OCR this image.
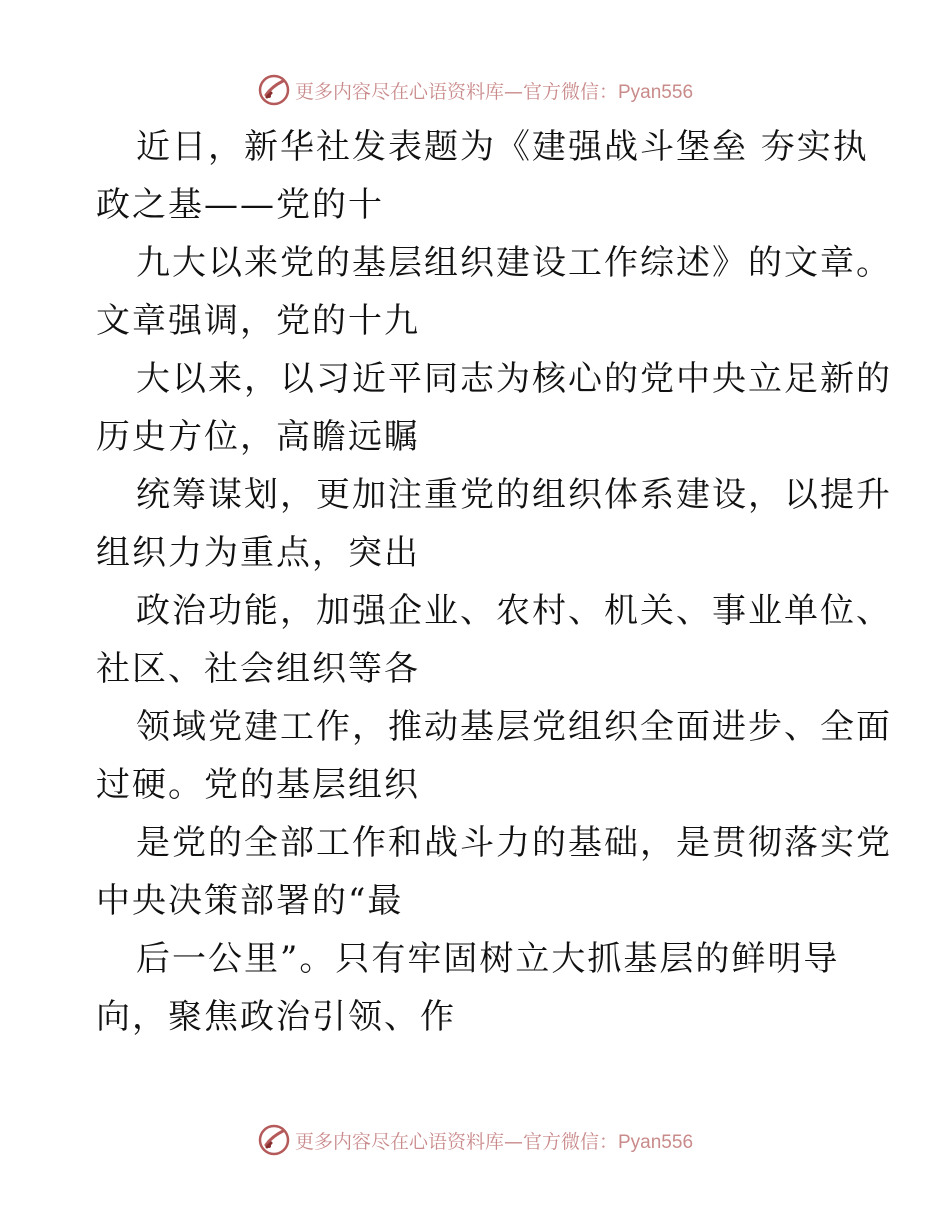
更多内容尽在心语资料库—官方微信：Pyan556
近日，新华社发表题为《建强战斗堡垒 夯实执
政之基——党的十
九大以来党的基层组织建设工作综述》的文章。
文章强调，党的十九
大以来，以习近平同志为核心的党中央立足新的
历史方位，高瞻远瞩
统筹谋划，更加注重党的组织体系建设，以提升
组织力为重点，突出
政治功能，加强企业、农村、机关、事业单位、
社区、社会组织等各
领域党建工作，推动基层党组织全面进步、全面
过硬。党的基层组织
是党的全部工作和战斗力的基础，是贯彻落实党
中央决策部署的“最
后一公里”。只有牢固树立大抓基层的鲜明导
向，聚焦政治引领、作
更多内容尽在心语资料库—官方微信：Pyan556
